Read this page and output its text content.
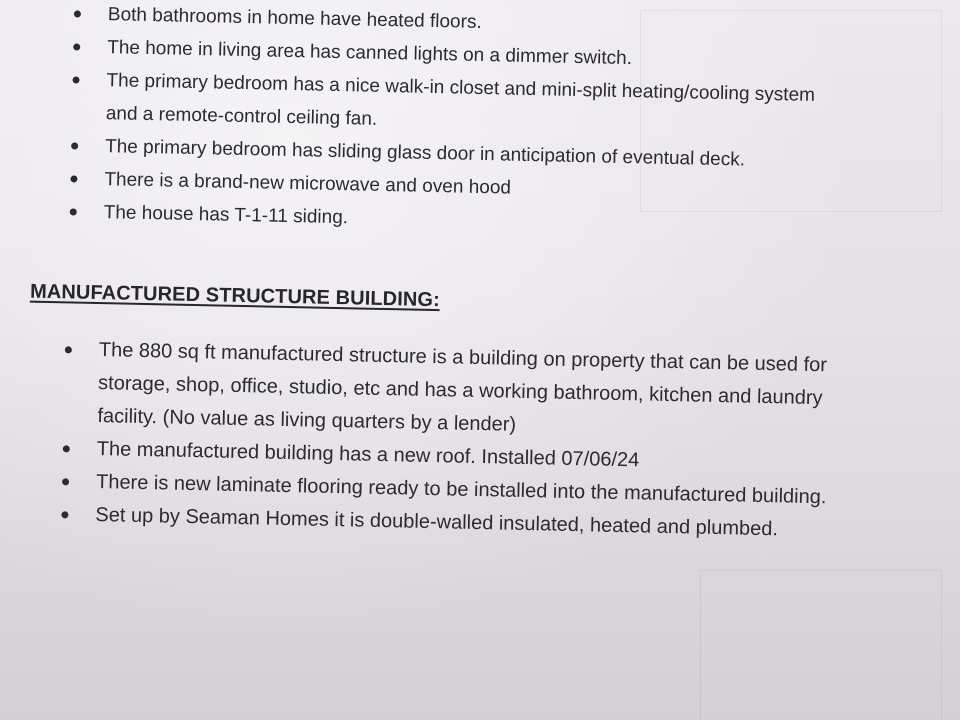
Both bathrooms in home have heated floors.
The home in living area has canned lights on a dimmer switch.
The primary bedroom has a nice walk-in closet and mini-split heating/cooling system
and a remote-control ceiling fan.
The primary bedroom has sliding glass door in anticipation of eventual deck.
There is a brand-new microwave and oven hood
The house has T-1-11 siding.
MANUFACTURED STRUCTURE BUILDING:
The 880 sq ft manufactured structure is a building on property that can be used for
storage, shop, office, studio, etc and has a working bathroom, kitchen and laundry
facility. (No value as living quarters by a lender)
The manufactured building has a new roof. Installed 07/06/24
There is new laminate flooring ready to be installed into the manufactured building.
Set up by Seaman Homes it is double-walled insulated, heated and plumbed.
